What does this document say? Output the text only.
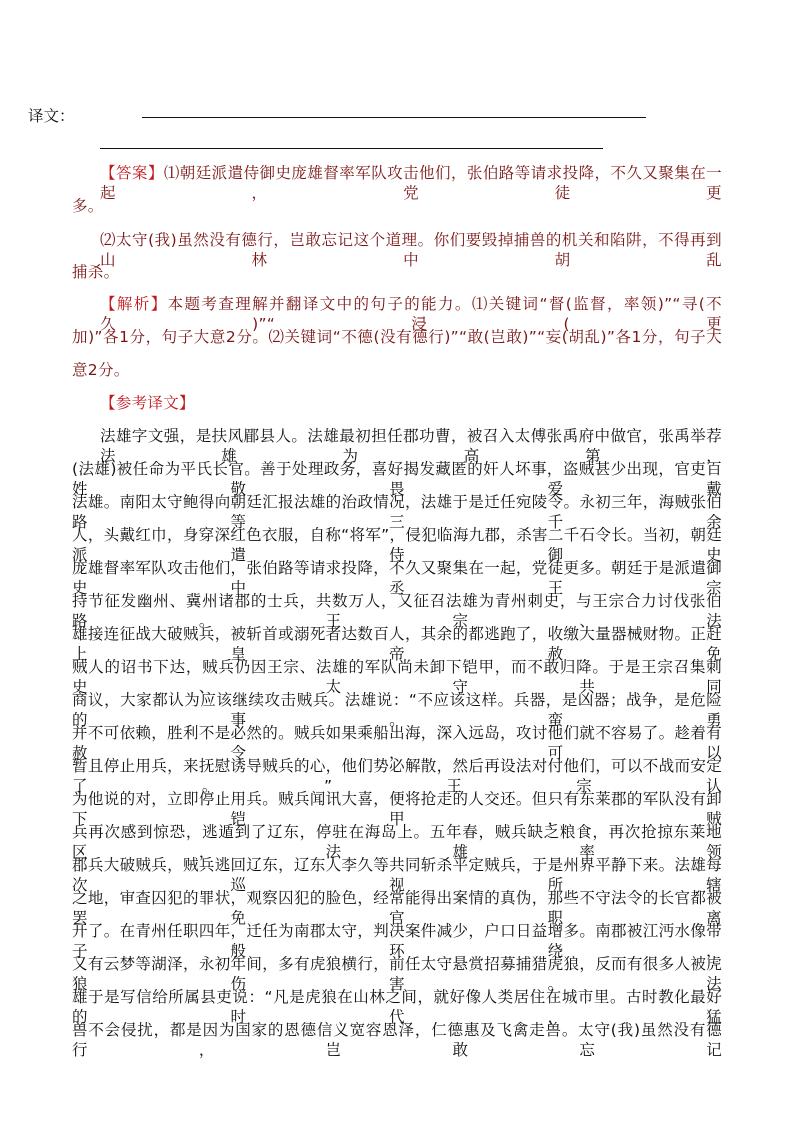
译文：
【答案】⑴朝廷派遣侍御史庞雄督率军队攻击他们，张伯路等请求投降，不久又聚集在一起，党徒更
多。
⑵太守(我)虽然没有德行，岂敢忘记这个道理。你们要毁掉捕兽的机关和陷阱，不得再到山林中胡乱
捕杀。
【解析】本题考查理解并翻译文中的句子的能力。⑴关键词“督(监督，率领)”“寻(不久)”“浸(更
加)”各1分，句子大意2分。⑵关键词“不德(没有德行)”“敢(岂敢)”“妄(胡乱)”各1分，句子大
意2分。
【参考译文】
法雄字文强，是扶风郿县人。法雄最初担任郡功曹，被召入太傅张禹府中做官，张禹举荐法雄为高第，
(法雄)被任命为平氏长官。善于处理政务，喜好揭发藏匿的奸人坏事，盗贼甚少出现，官吏百姓敬畏爱戴
法雄。南阳太守鲍得向朝廷汇报法雄的治政情况，法雄于是迁任宛陵令。永初三年，海贼张伯路等三千余
人，头戴红巾，身穿深红色衣服，自称“将军”，侵犯临海九郡，杀害二千石令长。当初，朝廷派遣侍御史
庞雄督率军队攻击他们，张伯路等请求投降，不久又聚集在一起，党徒更多。朝廷于是派遣御史中丞王宗
持节征发幽州、冀州诸郡的士兵，共数万人，又征召法雄为青州刺史，与王宗合力讨伐张伯路。王宗、法
雄接连征战大破贼兵，被斩首或溺死者达数百人，其余的都逃跑了，收缴大量器械财物。正赶上皇帝赦免
贼人的诏书下达，贼兵仍因王宗、法雄的军队尚未卸下铠甲，而不敢归降。于是王宗召集刺史、太守共同
商议，大家都认为应该继续攻击贼兵。法雄说：“不应该这样。兵器，是凶器；战争，是危险的事。蛮勇
并不可依赖，胜利不是必然的。贼兵如果乘船出海，深入远岛，攻讨他们就不容易了。趁着有赦令，可以
暂且停止用兵，来抚慰诱导贼兵的心，他们势必解散，然后再设法对付他们，可以不战而安定了。”王宗认
为他说的对，立即停止用兵。贼兵闻讯大喜，便将抢走的人交还。但只有东莱郡的军队没有卸下铠甲，贼
兵再次感到惊恐，逃遁到了辽东，停驻在海岛上。五年春，贼兵缺乏粮食，再次抢掠东莱地区，法雄率领
郡兵大破贼兵，贼兵逃回辽东，辽东人李久等共同斩杀平定贼兵，于是州界平静下来。法雄每次巡视所辖
之地，审查囚犯的罪状，观察囚犯的脸色，经常能得出案情的真伪，那些不守法令的长官都被罢免官职离
开了。在青州任职四年，迁任为南郡太守，判决案件减少，户口日益增多。南郡被江沔水像带子般环绕，
又有云梦等湖泽，永初年间，多有虎狼横行，前任太守悬赏招募捕猎虎狼，反而有很多人被虎狼伤害。法
雄于是写信给所属县吏说：“凡是虎狼在山林之间，就好像人类居住在城市里。古时教化最好的时代，猛
兽不会侵扰，都是因为国家的恩德信义宽容恩泽，仁德惠及飞禽走兽。太守(我)虽然没有德行，岂敢忘记
